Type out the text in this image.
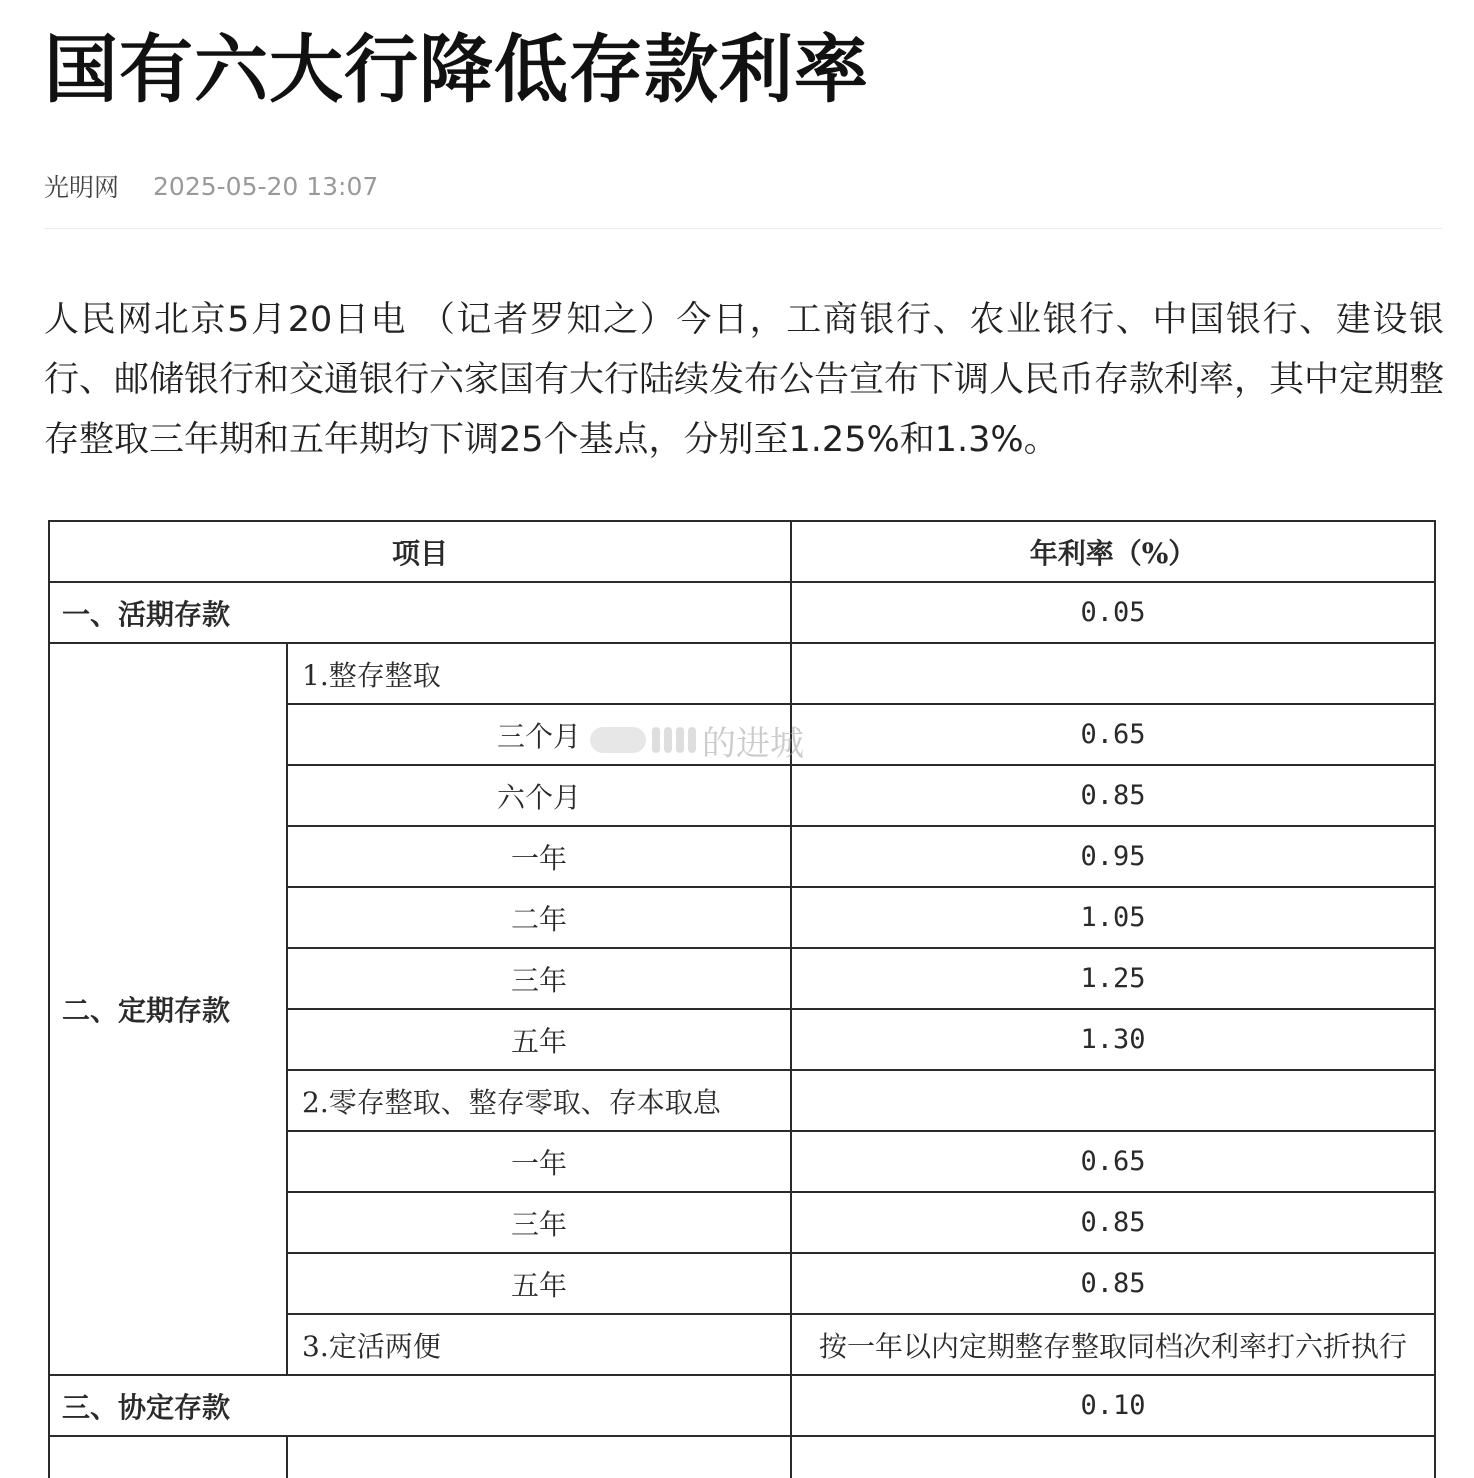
国有六大行降低存款利率
光明网 2025-05-20 13:07

人民网北京5月20日电 （记者罗知之）今日，工商银行、农业银行、中国银行、建设银行、邮储银行和交通银行六家国有大行陆续发布公告宣布下调人民币存款利率，其中定期整存整取三年期和五年期均下调25个基点，分别至1.25%和1.3%。

项目		年利率（%）
一、活期存款		0.05
二、定期存款	1.整存整取	
	三个月	0.65
	六个月	0.85
	一年	0.95
	二年	1.05
	三年	1.25
	五年	1.30
	2.零存整取、整存零取、存本取息	
	一年	0.65
	三年	0.85
	五年	0.85
	3.定活两便	按一年以内定期整存整取同档次利率打六折执行
三、协定存款		0.10

的进城
